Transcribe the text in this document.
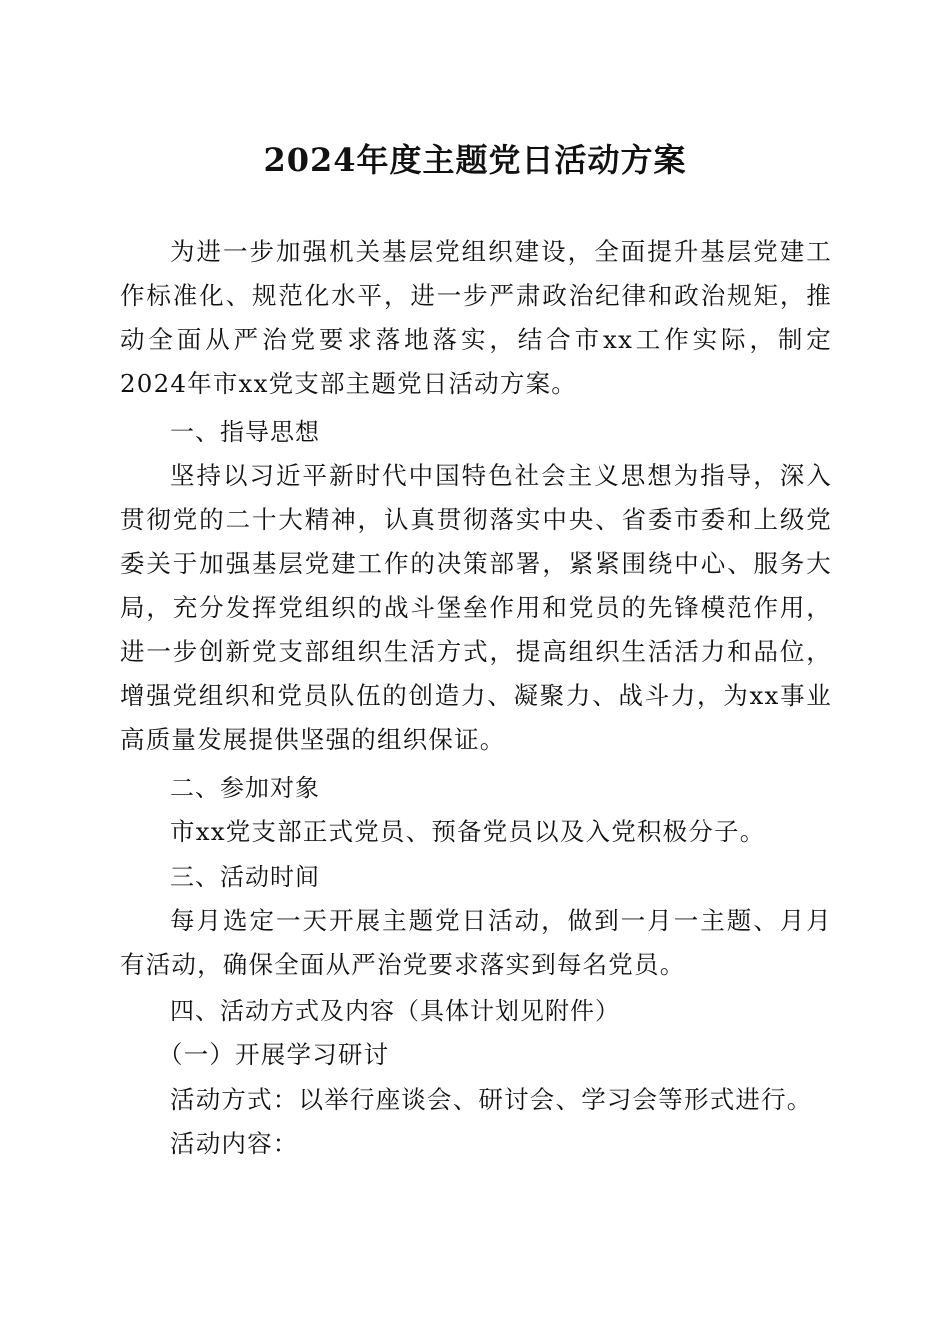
2024年度主题党日活动方案

为进一步加强机关基层党组织建设，全面提升基层党建工作标准化、规范化水平，进一步严肃政治纪律和政治规矩，推动全面从严治党要求落地落实，结合市xx工作实际，制定2024年市xx党支部主题党日活动方案。

一、指导思想

坚持以习近平新时代中国特色社会主义思想为指导，深入贯彻党的二十大精神，认真贯彻落实中央、省委市委和上级党委关于加强基层党建工作的决策部署，紧紧围绕中心、服务大局，充分发挥党组织的战斗堡垒作用和党员的先锋模范作用，进一步创新党支部组织生活方式，提高组织生活活力和品位，增强党组织和党员队伍的创造力、凝聚力、战斗力，为xx事业高质量发展提供坚强的组织保证。

二、参加对象

市xx党支部正式党员、预备党员以及入党积极分子。

三、活动时间

每月选定一天开展主题党日活动，做到一月一主题、月月有活动，确保全面从严治党要求落实到每名党员。

四、活动方式及内容（具体计划见附件）

（一）开展学习研讨

活动方式：以举行座谈会、研讨会、学习会等形式进行。

活动内容：
